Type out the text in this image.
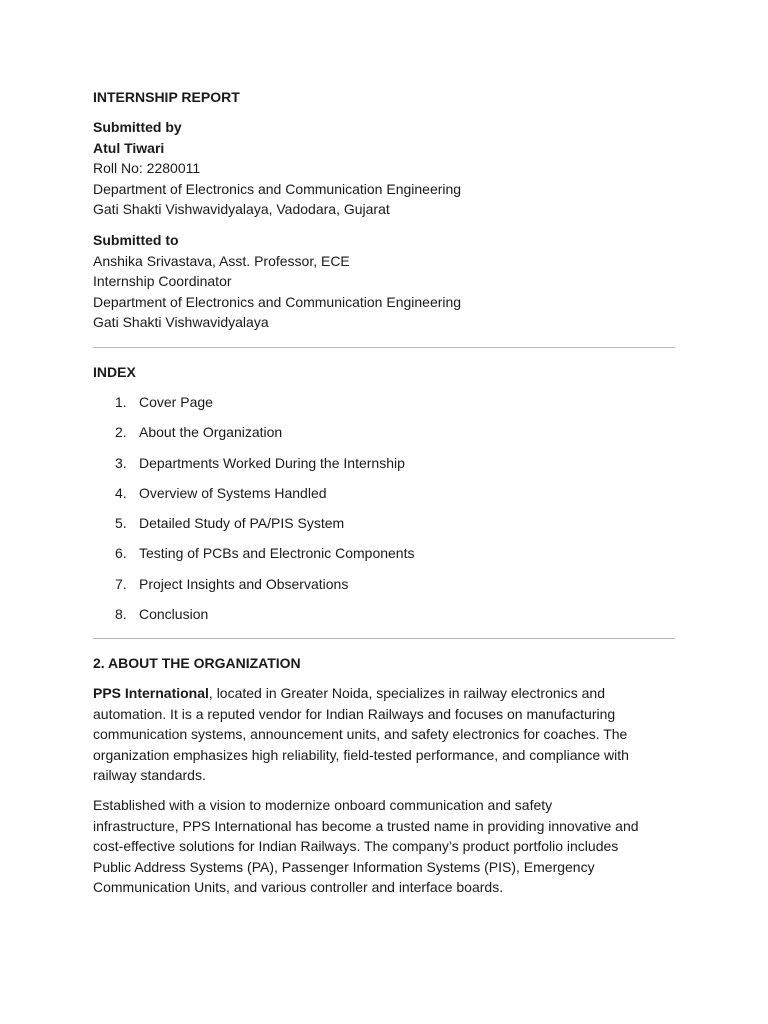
INTERNSHIP REPORT
Submitted by
Atul Tiwari
Roll No: 2280011
Department of Electronics and Communication Engineering
Gati Shakti Vishwavidyalaya, Vadodara, Gujarat
Submitted to
Anshika Srivastava, Asst. Professor, ECE
Internship Coordinator
Department of Electronics and Communication Engineering
Gati Shakti Vishwavidyalaya
INDEX
1. Cover Page
2. About the Organization
3. Departments Worked During the Internship
4. Overview of Systems Handled
5. Detailed Study of PA/PIS System
6. Testing of PCBs and Electronic Components
7. Project Insights and Observations
8. Conclusion
2. ABOUT THE ORGANIZATION

PPS International, located in Greater Noida, specializes in railway electronics and
automation. It is a reputed vendor for Indian Railways and focuses on manufacturing
communication systems, announcement units, and safety electronics for coaches. The
organization emphasizes high reliability, field-tested performance, and compliance with
railway standards.

Established with a vision to modernize onboard communication and safety
infrastructure, PPS International has become a trusted name in providing innovative and
cost-effective solutions for Indian Railways. The company’s product portfolio includes
Public Address Systems (PA), Passenger Information Systems (PIS), Emergency
Communication Units, and various controller and interface boards.
